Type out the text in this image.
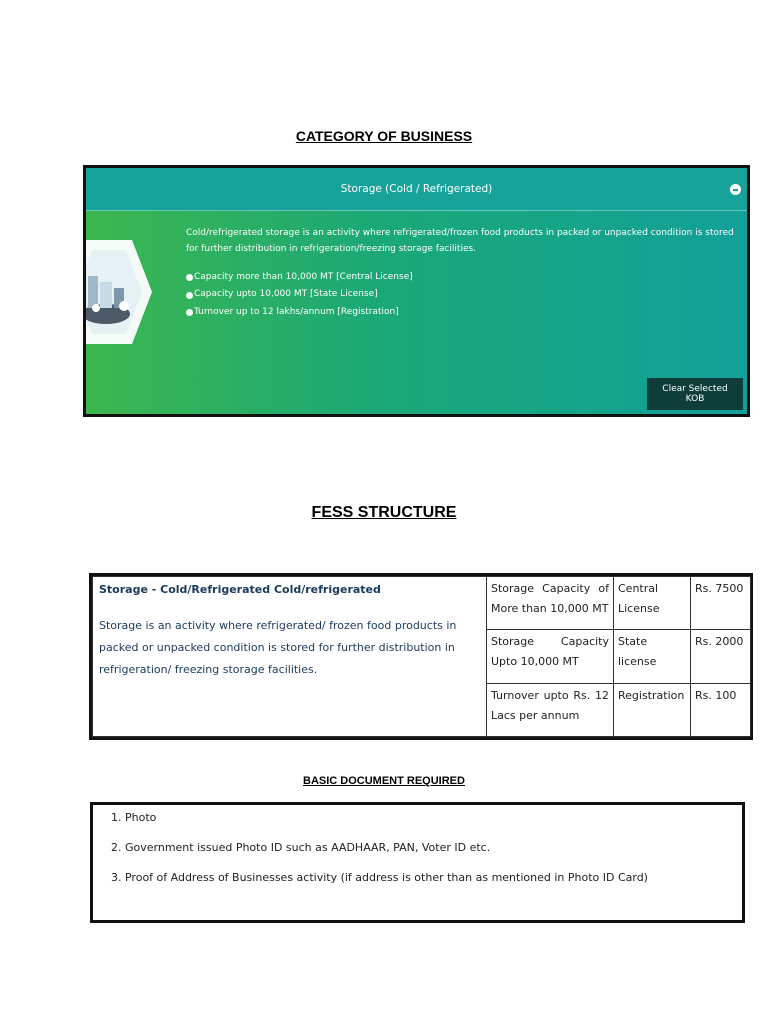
CATEGORY OF BUSINESS
Storage (Cold / Refrigerated)

Cold/refrigerated storage is an activity where refrigerated/frozen food products in packed or unpacked condition is stored for further distribution in refrigeration/freezing storage facilities.

Capacity more than 10,000 MT [Central License]
Capacity upto 10,000 MT [State License]
Turnover up to 12 lakhs/annum [Registration]
Clear Selected KOB
FESS STRUCTURE
Storage - Cold/Refrigerated Cold/refrigerated
Storage is an activity where refrigerated/ frozen food products in packed or unpacked condition is stored for further distribution in refrigeration/ freezing storage facilities.	Storage Capacity of More than 10,000 MT	Central License	Rs. 7500
	Storage Capacity Upto 10,000 MT	State license	Rs. 2000
	Turnover upto Rs. 12 Lacs per annum	Registration	Rs. 100
BASIC DOCUMENT REQUIRED

1. Photo

2. Government issued Photo ID such as AADHAAR, PAN, Voter ID etc.

3. Proof of Address of Businesses activity (if address is other than as mentioned in Photo ID Card)
